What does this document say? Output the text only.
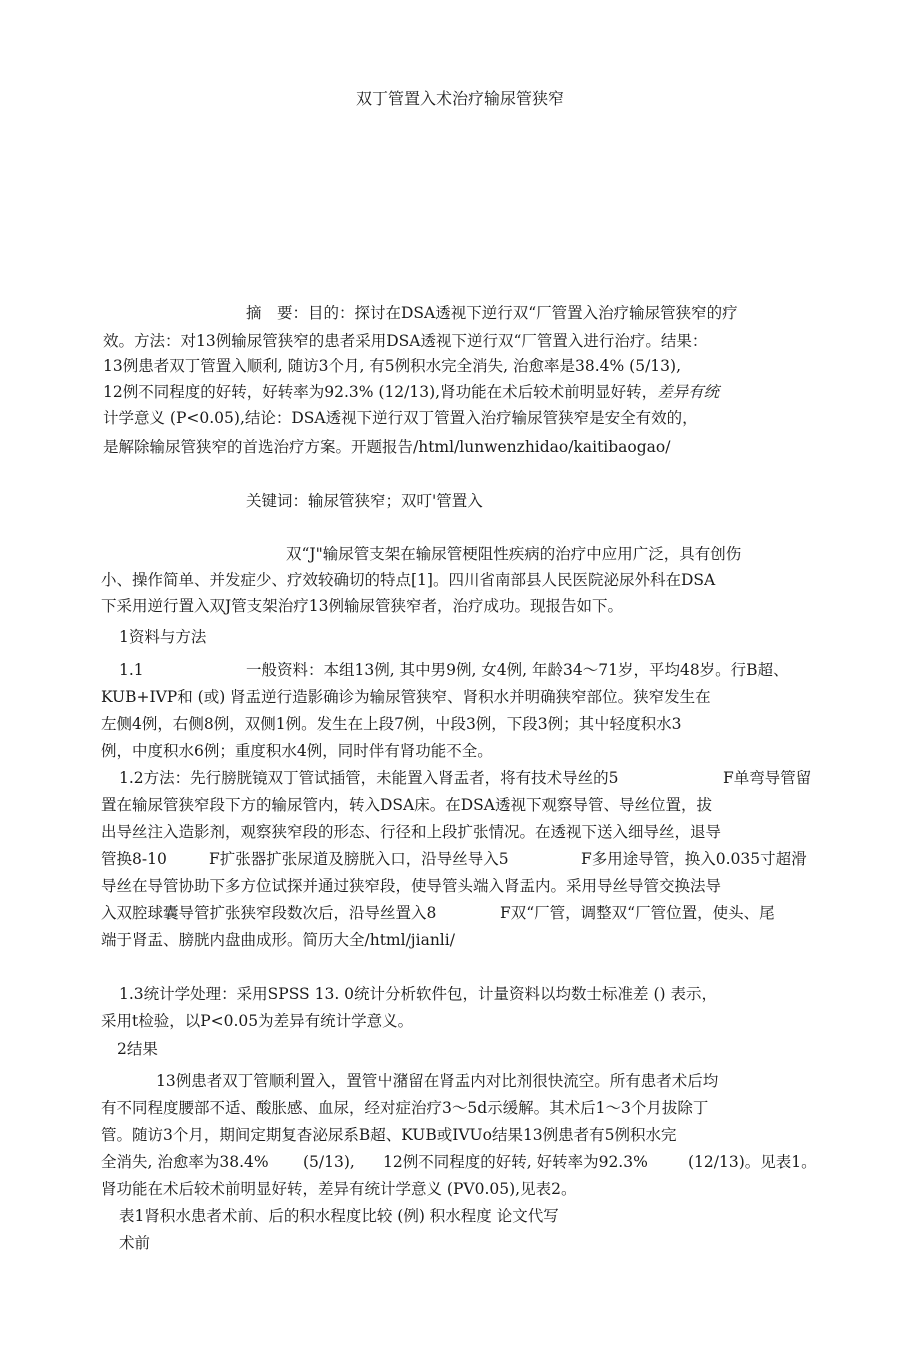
双丁管置入术治疗输尿管狭窄
摘　要：目的：探讨在DSA透视下逆行双“厂管置入治疗输尿管狭窄的疗
效。方法：对13例输尿管狭窄的患者采用DSA透视下逆行双“厂管置入进行治疗。结果：
13例患者双丁管置入顺利, 随访3个月, 有5例积水完全消失, 治愈率是38.4% (5/13),
12例不同程度的好转，好转率为92.3% (12/13),肾功能在术后较术前明显好转，差异有统
计学意义 (P<0.05),结论：DSA透视下逆行双丁管置入治疗输尿管狭窄是安全有效的，
是解除输尿管狭窄的首选治疗方案。开题报告/html/lunwenzhidao/kaitibaogao/
关键词：输尿管狭窄；双叮'管置入
双“J"输尿管支架在输尿管梗阻性疾病的治疗中应用广泛，具有创伤
小、操作简单、并发症少、疗效较确切的特点[1]。四川省南部县人民医院泌尿外科在DSA
下采用逆行置入双J管支架治疗13例输尿管狭窄者，治疗成功。现报告如下。
1资料与方法
1.1	一般资料：本组13例, 其中男9例, 女4例, 年龄34～71岁，平均48岁。行B超、
KUB+IVP和 (或) 肾盂逆行造影确诊为输尿管狭窄、肾积水并明确狭窄部位。狭窄发生在
左侧4例，右侧8例，双侧1例。发生在上段7例，屮段3例，下段3例；其屮轻度积水3
例，中度积水6例；重度积水4例，同时伴有肾功能不全。
1.2方法：先行膀胱镜双丁管试插管，未能置入肾盂者，将有技术导丝的5	F单弯导管留
置在输尿管狭窄段下方的输尿管内，转入DSA床。在DSA透视下观察导管、导丝位置，拔
出导丝注入造影剂，观察狭窄段的形态、行径和上段扩张情况。在透视下送入细导丝，退导
管换8-10	F扩张器扩张尿道及膀胱入口，沿导丝导入5	F多用途导管，换入0.035寸超滑
导丝在导管协助下多方位试探并通过狭窄段，使导管头端入肾盂内。采用导丝导管交换法导
入双腔球囊导管扩张狭窄段数次后，沿导丝置入8	F双“厂管，调整双“厂管位置，使头、尾
端于肾盂、膀胱内盘曲成形。简历大全/html/jianli/
1.3统计学处理：采用SPSS 13. 0统计分析软件包，计量资料以均数士标准差 () 表示，
采用t检验，以P<0.05为差异有统计学意义。
2结果
13例患者双丁管顺利置入，置管屮潴留在肾盂内对比剂很快流空。所有患者术后均
有不同程度腰部不适、酸胀感、血尿，经对症治疗3～5d示缓解。其术后1～3个月拔除丁
管。随访3个月，期间定期复杳泌尿系B超、KUB或IVUo结果13例患者有5例积水完
全消失, 治愈率为38.4% (5/13), 12例不同程度的好转, 好转率为92.3%	(12/13)。见表1。
肾功能在术后较术前明显好转，差异有统计学意义 (PV0.05),见表2。
表1肾积水患者术前、后的积水程度比较 (例) 积水程度 论文代写
术前
